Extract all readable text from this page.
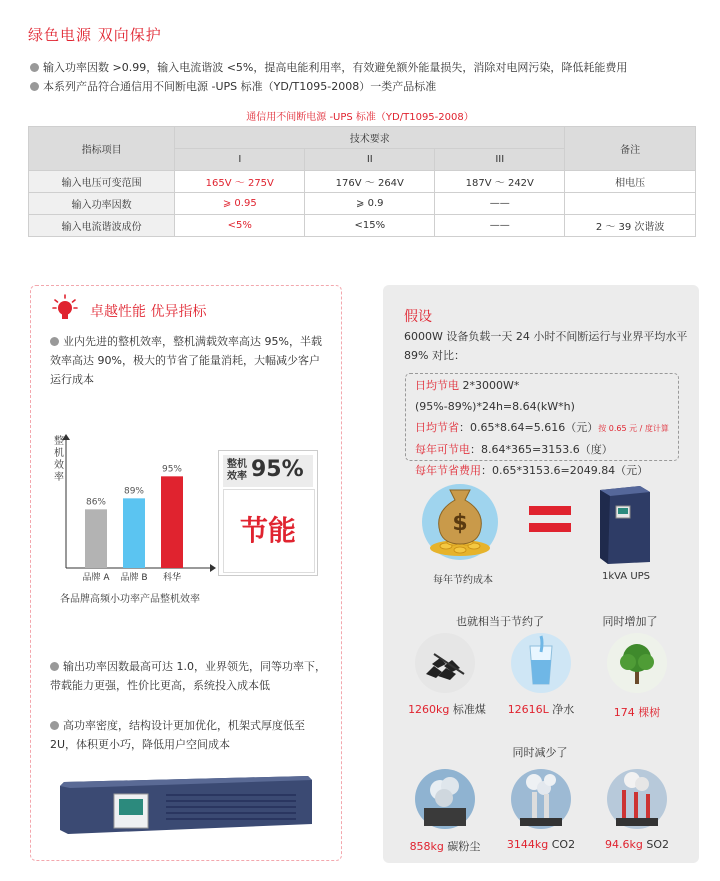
绿色电源 双向保护
输入功率因数 >0.99，输入电流谐波 <5%，提高电能利用率，有效避免额外能量损失，消除对电网污染，降低耗能费用
本系列产品符合通信用不间断电源 -UPS 标准（YD/T1095-2008）一类产品标准
通信用不间断电源 -UPS 标准（YD/T1095-2008）
指标项目	技术要求			备注
	I	II	III	
输入电压可变范围	165V ～ 275V	176V ～ 264V	187V ～ 242V	相电压
输入功率因数	⩾ 0.95	⩾ 0.9	——	
输入电流谐波成份	<5%	<15%	——	2 ～ 39 次谐波
卓越性能 优异指标
业内先进的整机效率，整机满载效率高达 95%，半载效率高达 90%，极大的节省了能量消耗，大幅减少客户运行成本
86%
品牌 A
89%
品牌 B
95%
科华
整机效率
各品牌高频小功率产品整机效率
整机效率 95%
节能
输出功率因数最高可达 1.0，业界领先，同等功率下，带载能力更强，性价比更高，系统投入成本低
高功率密度，结构设计更加优化，机架式厚度低至 2U，体积更小巧，降低用户空间成本
假设
6000W 设备负载一天 24 小时不间断运行与业界平均水平 89% 对比：
日均节电 2*3000W*(95%-89%)*24h=8.64(kW*h)
日均节省：0.65*8.64=5.616（元）按 0.65 元 / 度计算
每年可节电：8.64*365=3153.6（度）
每年节省费用：0.65*3153.6=2049.84（元）
$
每年节约成本	1kVA UPS
也就相当于节约了	同时增加了
1260kg 标准煤	12616L 净水	174 棵树
同时减少了
858kg 碳粉尘	3144kg CO2	94.6kg SO2
